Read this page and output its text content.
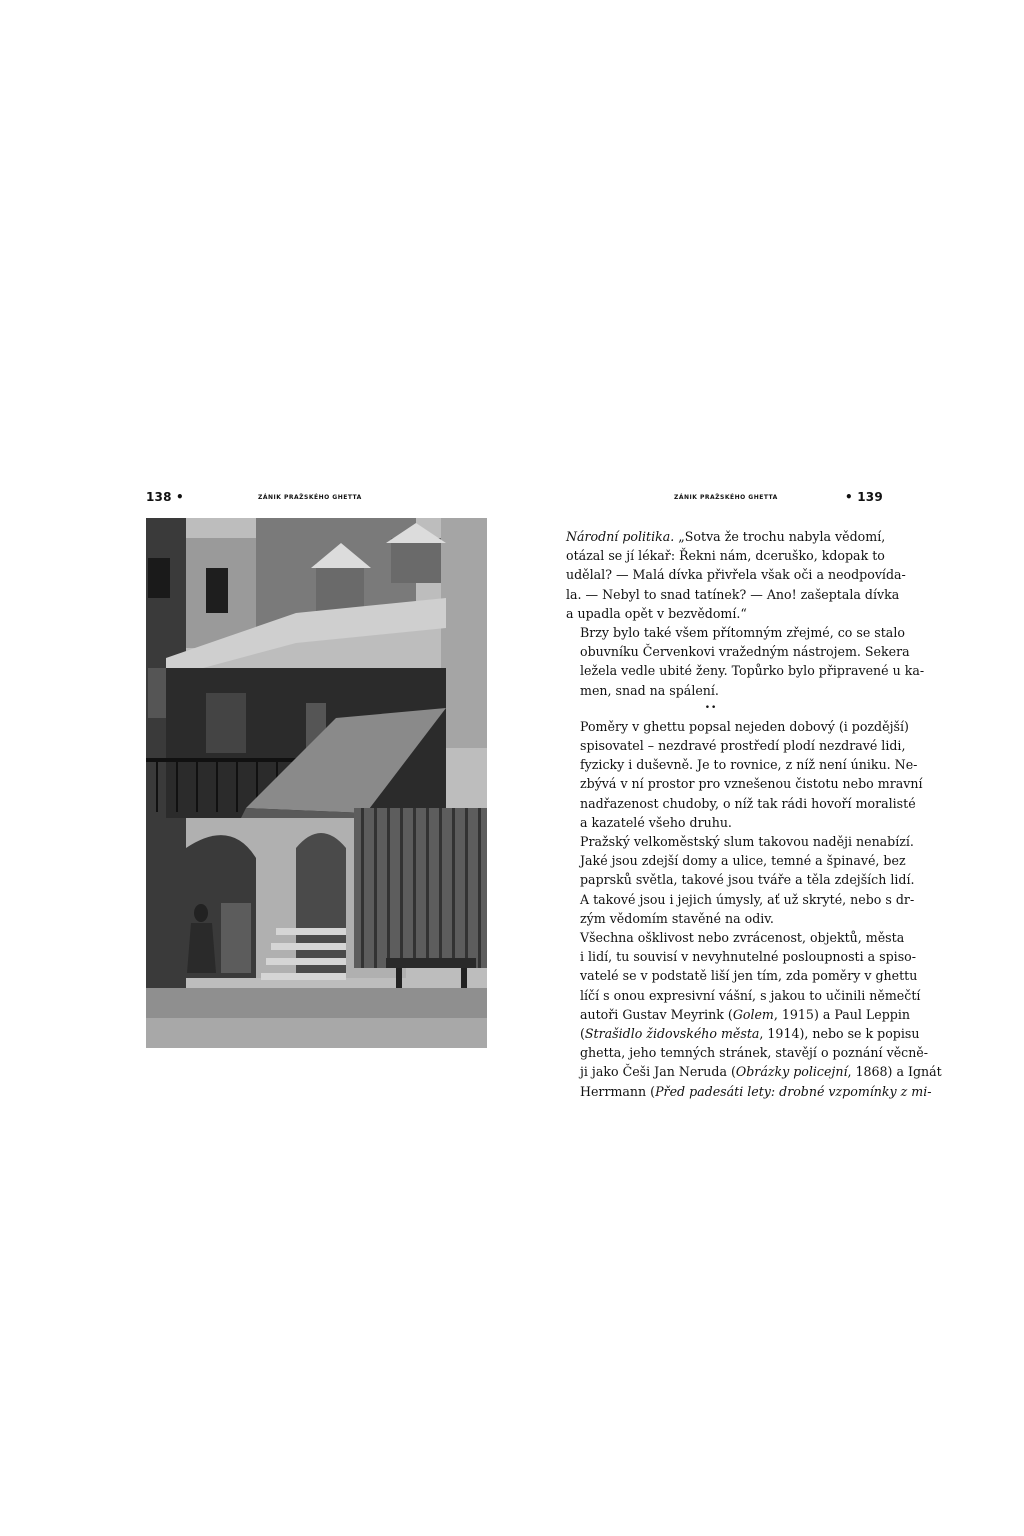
138 •	ZÁNIK PRAŽSKÉHO GHETTA	ZÁNIK PRAŽSKÉHO GHETTA	• 139

Národní politika. „Sotva že trochu nabyla vědomí,
otázal se jí lékař: Řekni nám, dceruško, kdopak to
udělal? — Malá dívka přivřela však oči a neodpovída-
la. — Nebyl to snad tatínek? — Ano! zašeptala dívka
a upadla opět v bezvědomí.“

Brzy bylo také všem přítomným zřejmé, co se stalo
obuvníku Červenkovi vražedným nástrojem. Sekera
ležela vedle ubité ženy. Topůrko bylo připravené u ka-
men, snad na spálení.

••

Poměry v ghettu popsal nejeden dobový (i pozdější)
spisovatel – nezdravé prostředí plodí nezdravé lidi,
fyzicky i duševně. Je to rovnice, z níž není úniku. Ne-
zbývá v ní prostor pro vznešenou čistotu nebo mravní
nadřazenost chudoby, o níž tak rádi hovoří moralisté
a kazatelé všeho druhu.

Pražský velkoměstský slum takovou naději nenabízí.
Jaké jsou zdejší domy a ulice, temné a špinavé, bez
paprsků světla, takové jsou tváře a těla zdejších lidí.
A takové jsou i jejich úmysly, ať už skryté, nebo s dr-
zým vědomím stavěné na odiv.

Všechna ošklivost nebo zvrácenost, objektů, města
i lidí, tu souvisí v nevyhnutelné posloupnosti a spiso-
vatelé se v podstatě liší jen tím, zda poměry v ghettu
líčí s onou expresivní vášní, s jakou to učinili němečtí
autoři Gustav Meyrink (Golem, 1915) a Paul Leppin
(Strašidlo židovského města, 1914), nebo se k popisu
ghetta, jeho temných stránek, stavějí o poznání věcně-
ji jako Češi Jan Neruda (Obrázky policejní, 1868) a Ignát
Herrmann (Před padesáti lety: drobné vzpomínky z mi-
